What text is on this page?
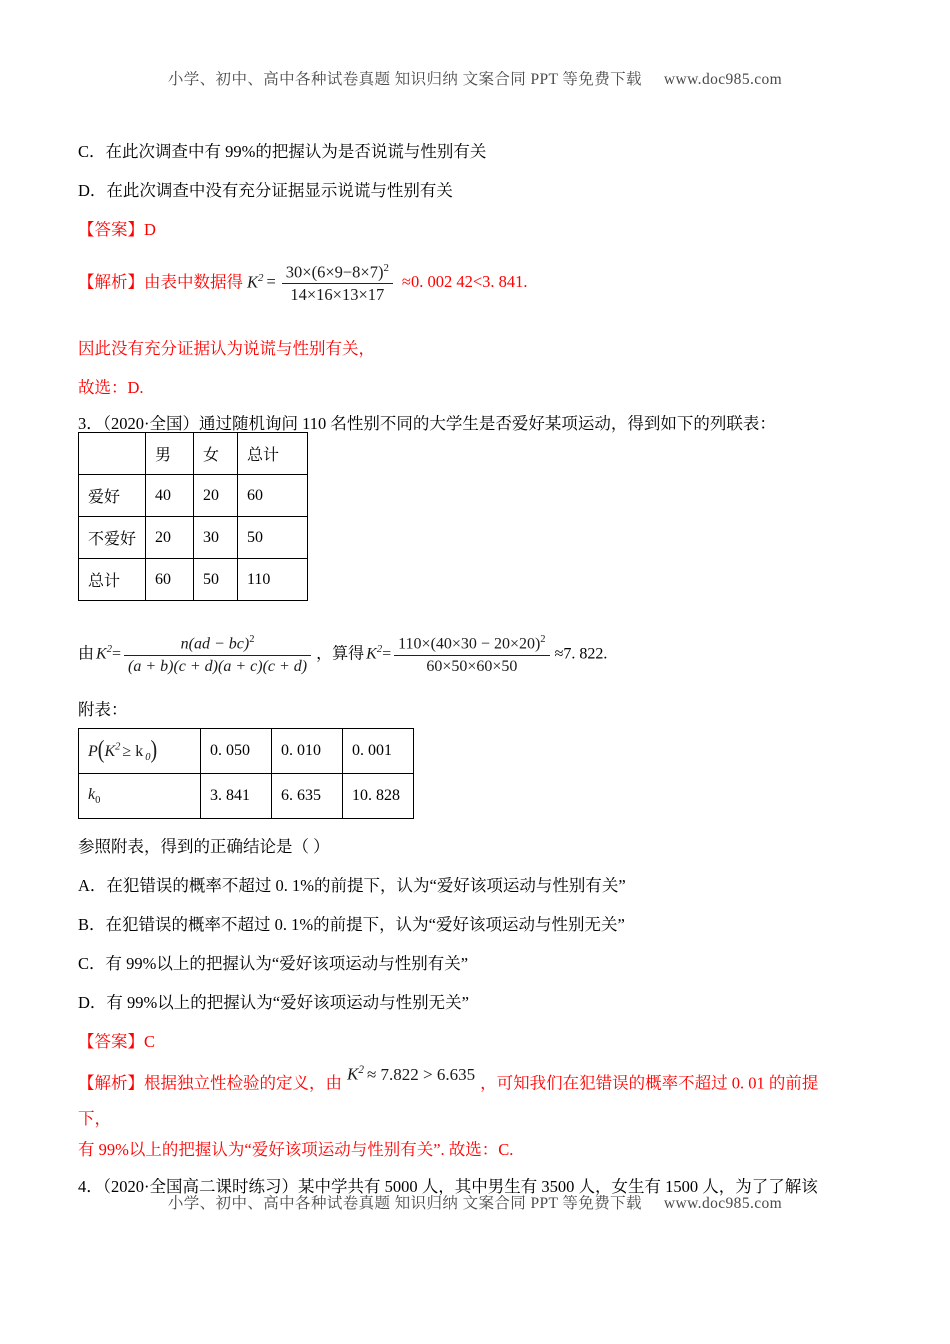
小学、初中、高中各种试卷真题 知识归纳 文案合同 PPT 等免费下载 www.doc985.com
C．在此次调查中有 99%的把握认为是否说谎与性别有关
D．在此次调查中没有充分证据显示说谎与性别有关
【答案】D
【解析】由表中数据得 $K^2 = \frac{30\times(6\times 9-8\times 7)^2}{14\times 16\times 13\times 17} \approx 0$. 002 42<3. 841.
因此没有充分证据认为说谎与性别有关，
故选：D.
3．（2020·全国）通过随机询问 110 名性别不同的大学生是否爱好某项运动，得到如下的列联表：
	男	女	总计
爱好	40	20	60
不爱好	20	30	50
总计	60	50	110
由 $K^2= \frac{n(ad - bc)^2}{(a + b)(c + d)(a + c)(c + d)}$ ，算得 $K^2= \frac{110\times(40\times 30 - 20\times 20)^2}{60\times 50\times 60\times 50} \approx 7$. 822.
附表：
$P(K^2 \ge k$ $_0$)	0. 050	0. 010	0. 001
$k_0$	3. 841	6. 635	10. 828
参照附表，得到的正确结论是（ ）
A．在犯错误的概率不超过 0. 1%的前提下，认为“爱好该项运动与性别有关”
B．在犯错误的概率不超过 0. 1%的前提下，认为“爱好该项运动与性别无关”
C．有 99%以上的把握认为“爱好该项运动与性别有关”
D．有 99%以上的把握认为“爱好该项运动与性别无关”
【答案】C
【解析】根据独立性检验的定义，由 $K^2 \approx 7.822 > 6.635$ ，可知我们在犯错误的概率不超过 0. 01 的前提
下，
有 99%以上的把握认为“爱好该项运动与性别有关”. 故选：C.
4．（2020·全国高二课时练习）某中学共有 5000 人，其中男生有 3500 人，女生有 1500 人，为了了解该
小学、初中、高中各种试卷真题 知识归纳 文案合同 PPT 等免费下载 www.doc985.com
